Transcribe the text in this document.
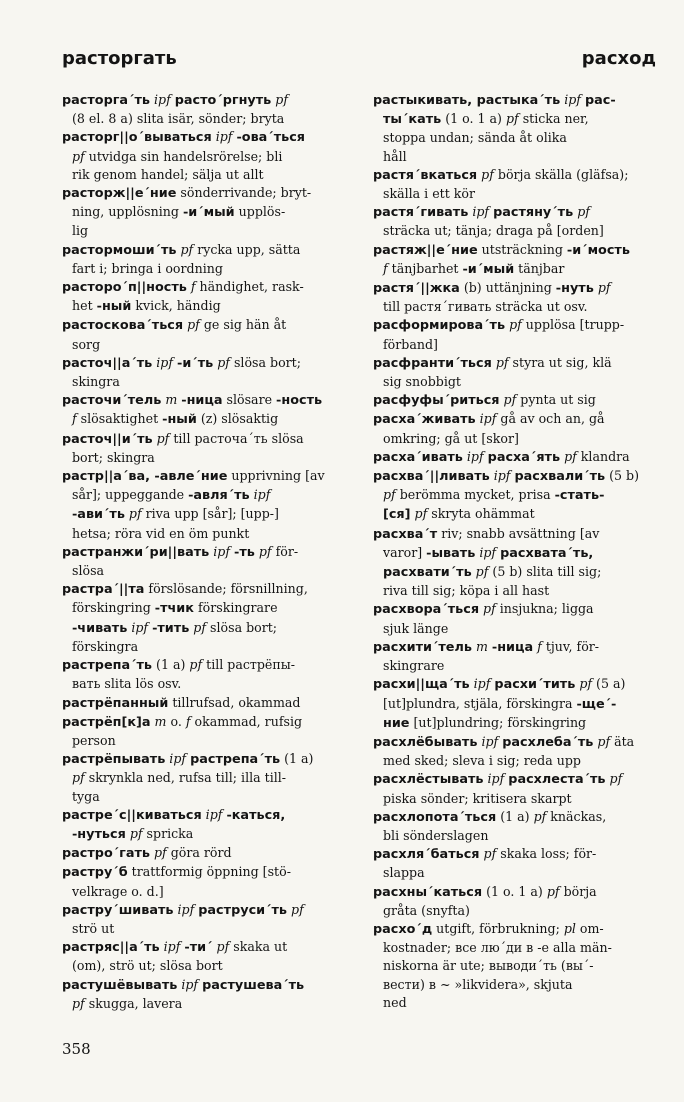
расторгать	расход

расторга´ть ipf расто´ргнуть pf
(8 el. 8 a) slita isär, sönder; bryta

расторг||о´вываться ipf -ова´ться
pf utvidga sin handelsrörelse; bli
rik genom handel; sälja ut allt

расторж||е´ние sönderrivande; bryt-
ning, upplösning -и´мый upplös-
lig

растормоши´ть pf rycka upp, sätta
fart i; bringa i oordning

расторо´п||ность f händighet, rask-
het -ный kvick, händig

растоскова´ться pf ge sig hän åt
sorg

расточ||а´ть ipf -и´ть pf slösa bort;
skingra

расточи´тель m -ница slösare -ность
f slösaktighet -ный (z) slösaktig

расточ||и´ть pf till расточа´ть slösa
bort; skingra

растр||а´ва, -авле´ние upprivning [av
sår]; uppeggande -авля´ть ipf
-ави´ть pf riva upp [sår]; [upp-]
hetsa; röra vid en öm punkt

растранжи´ри||вать ipf -ть pf för-
slösa

растра´||та förslösande; försnillning,
förskingring -тчик förskingrare
-чивать ipf -тить pf slösa bort;
förskingra

растрепа´ть (1 a) pf till растрёпы-
вать slita lös osv.

растрёпанный tillrufsad, okammad

растрёп[к]а m o. f okammad, rufsig
person

растрёпывать ipf растрепа´ть (1 a)
pf skrynkla ned, rufsa till; illa till-
tyga

растре´с||киваться ipf -каться,
-нуться pf spricka

растро´гать pf göra rörd

растру´б trattformig öppning [stö-
velkrage o. d.]

растру´шивать ipf раструси´ть pf
strö ut

растряс||а´ть ipf -ти´ pf skaka ut
(om), strö ut; slösa bort

растушёвывать ipf растушева´ть
pf skugga, lavera

растыкивать, растыка´ть ipf рас-
ты´кать (1 o. 1 a) pf sticka ner,
stoppa undan; sända åt olika
håll

растя´вкаться pf börja skälla (gläfsa);
skälla i ett kör

растя´гивать ipf растяну´ть pf
sträcka ut; tänja; draga på [orden]

растяж||е´ние utsträckning -и´мость
f tänjbarhet -и´мый tänjbar

растя´||жка (b) uttänjning -нуть pf
till растя´гивать sträcka ut osv.

расформирова´ть pf upplösa [trupp-
förband]

расфранти´ться pf styra ut sig, klä
sig snobbigt

расфуфы´риться pf pynta ut sig

расха´живать ipf gå av och an, gå
omkring; gå ut [skor]

расха´ивать ipf расха´ять pf klandra

расхва´||ливать ipf расхвали´ть (5 b)
pf berömma mycket, prisa -стать-
[ся] pf skryta ohämmat

расхва´т riv; snabb avsättning [av
varor] -ывать ipf расхвата´ть,
расхвати´ть pf (5 b) slita till sig;
riva till sig; köpa i all hast

расхвора´ться pf insjukna; ligga
sjuk länge

расхити´тель m -ница f tjuv, för-
skingrare

расхи||ща´ть ipf расхи´тить pf (5 a)
[ut]plundra, stjäla, förskingra -ще´-
ние [ut]plundring; förskingring

расхлёбывать ipf расхлеба´ть pf äta
med sked; sleva i sig; reda upp

расхлёстывать ipf расхлеста´ть pf
piska sönder; kritisera skarpt

расхлопота´ться (1 a) pf knäckas,
bli sönderslagen

расхля´баться pf skaka loss; för-
slappa

расхны´каться (1 o. 1 a) pf börja
gråta (snyfta)

расхо´д utgift, förbrukning; pl om-
kostnader; все лю´ди в -е alla män-
niskorna är ute; выводи´ть (вы´-
вести) в ~ »likvidera», skjuta
ned

358
